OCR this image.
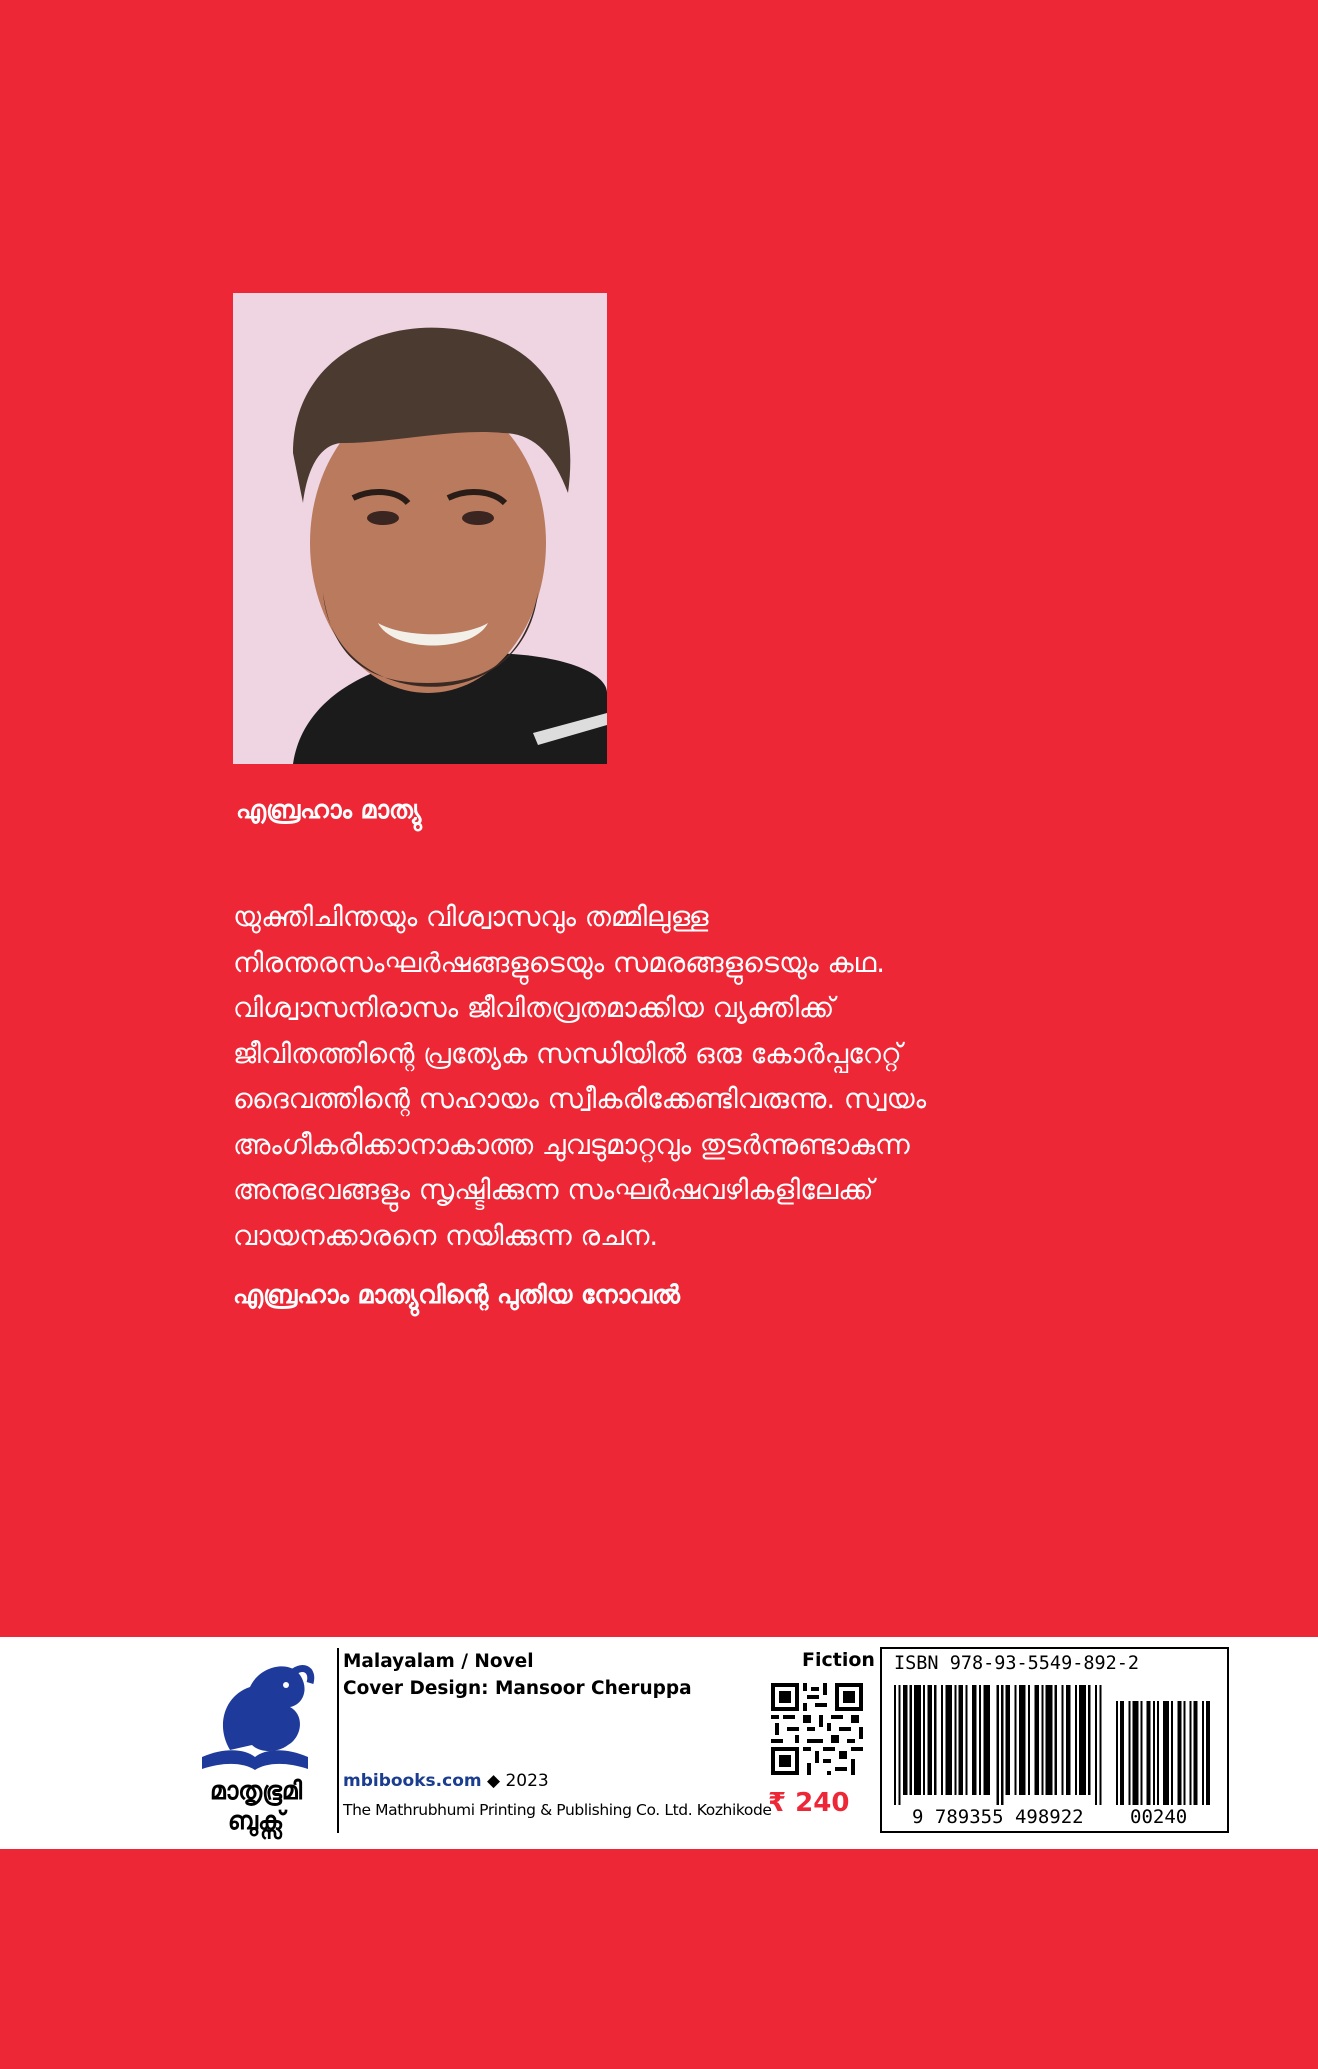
എബ്രഹാം മാത്യു
യുക്തിചിന്തയും വിശ്വാസവും തമ്മിലുള്ള
നിരന്തരസംഘർഷങ്ങളുടെയും സമരങ്ങളുടെയും കഥ.
വിശ്വാസനിരാസം ജീവിതവ്രതമാക്കിയ വ്യക്തിക്ക്
ജീവിതത്തിന്റെ പ്രത്യേക സന്ധിയിൽ ഒരു കോർപ്പറേറ്റ്
ദൈവത്തിന്റെ സഹായം സ്വീകരിക്കേണ്ടിവരുന്നു. സ്വയം
അംഗീകരിക്കാനാകാത്ത ചുവടുമാറ്റവും തുടർന്നുണ്ടാകുന്ന
അനുഭവങ്ങളും സൃഷ്ടിക്കുന്ന സംഘർഷവഴികളിലേക്ക്
വായനക്കാരനെ നയിക്കുന്ന രചന.
എബ്രഹാം മാത്യുവിന്റെ പുതിയ നോവൽ
മാതൃഭൂമി
ബുക്സ്
Malayalam / Novel
Cover Design: Mansoor Cheruppa
mbibooks.com ◆ 2023
The Mathrubhumi Printing & Publishing Co. Ltd. Kozhikode
Fiction
₹ 240
ISBN 978-93-5549-892-2
9 789355 498922 00240
